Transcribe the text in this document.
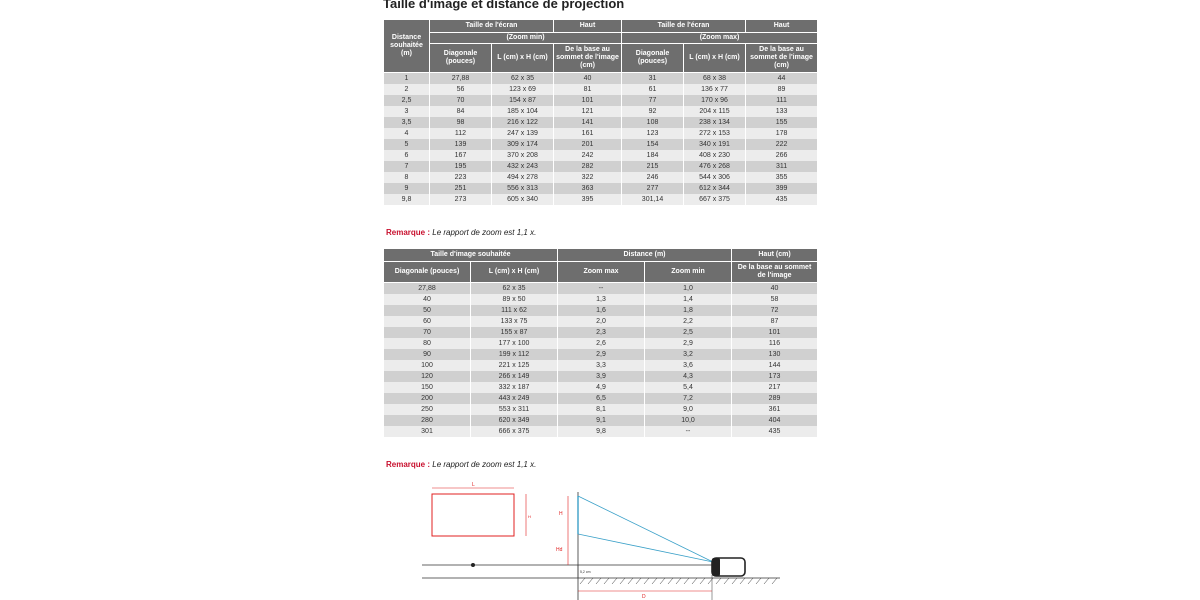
Taille d'image et distance de projection
Distance souhaitée (m)	Taille de l'écran		Haut	Taille de l'écran		Haut
	(Zoom min)			(Zoom max)		
	Diagonale (pouces)	L (cm) x H (cm)	De la base au sommet de l'image (cm)	Diagonale (pouces)	L (cm) x H (cm)	De la base au sommet de l'image (cm)
1	27,88	62 x 35	40	31	68 x 38	44
2	56	123 x 69	81	61	136 x 77	89
2,5	70	154 x 87	101	77	170 x 96	111
3	84	185 x 104	121	92	204 x 115	133
3,5	98	216 x 122	141	108	238 x 134	155
4	112	247 x 139	161	123	272 x 153	178
5	139	309 x 174	201	154	340 x 191	222
6	167	370 x 208	242	184	408 x 230	266
7	195	432 x 243	282	215	476 x 268	311
8	223	494 x 278	322	246	544 x 306	355
9	251	556 x 313	363	277	612 x 344	399
9,8	273	605 x 340	395	301,14	667 x 375	435
Remarque : Le rapport de zoom est 1,1 x.
Taille d'image souhaitée		Distance (m)		Haut (cm)
Diagonale (pouces)	L (cm) x H (cm)	Zoom max	Zoom min	De la base au sommet de l'image
27,88	62 x 35	--	1,0	40
40	89 x 50	1,3	1,4	58
50	111 x 62	1,6	1,8	72
60	133 x 75	2,0	2,2	87
70	155 x 87	2,3	2,5	101
80	177 x 100	2,6	2,9	116
90	199 x 112	2,9	3,2	130
100	221 x 125	3,3	3,6	144
120	266 x 149	3,9	4,3	173
150	332 x 187	4,9	5,4	217
200	443 x 249	6,5	7,2	289
250	553 x 311	8,1	9,0	361
280	620 x 349	9,1	10,0	404
301	666 x 375	9,8	--	435
Remarque : Le rapport de zoom est 1,1 x.
L
H	H
Hd
5,2 cm
D
